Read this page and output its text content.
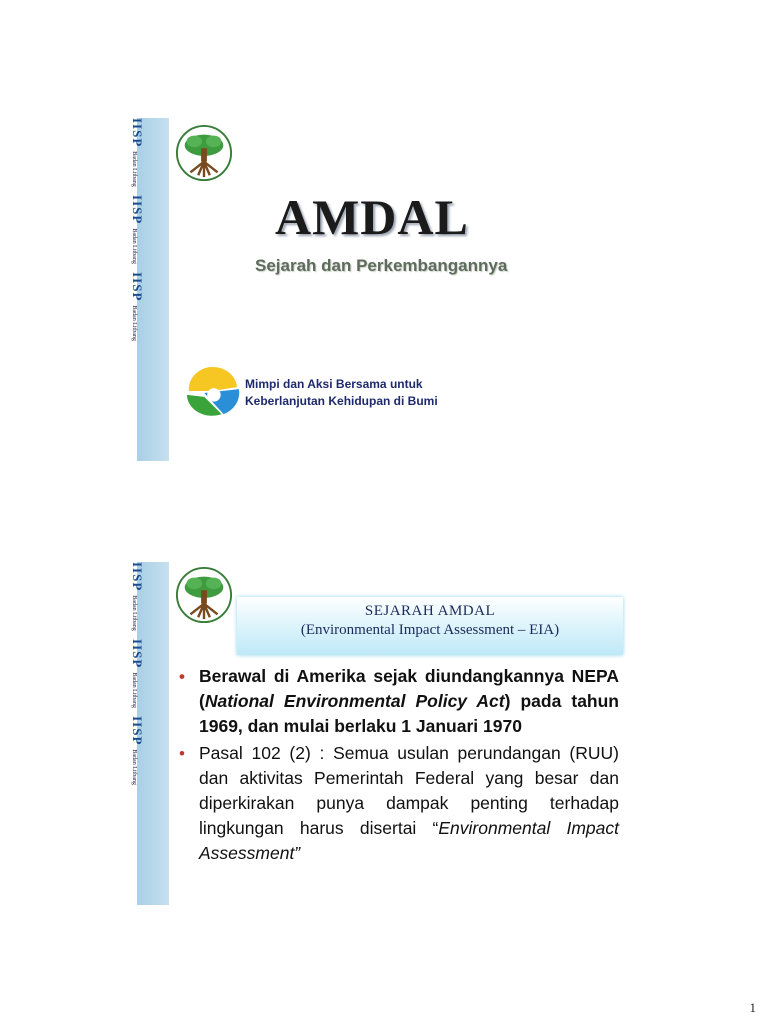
IISPBadan Litbang IISPBadan Litbang IISPBadan Litbang
AMDAL
Sejarah dan Perkembangannya
Mimpi dan Aksi Bersama untuk
Keberlanjutan Kehidupan di Bumi
IISPBadan Litbang IISPBadan Litbang IISPBadan Litbang
SEJARAH AMDAL
(Environmental Impact Assessment – EIA)
• Berawal di Amerika sejak diundangkannya NEPA (National Environmental Policy Act) pada tahun 1969, dan mulai berlaku 1 Januari 1970
• Pasal 102 (2) : Semua usulan perundangan (RUU) dan aktivitas Pemerintah Federal yang besar dan diperkirakan punya dampak penting terhadap lingkungan harus disertai “Environmental Impact Assessment”
1
